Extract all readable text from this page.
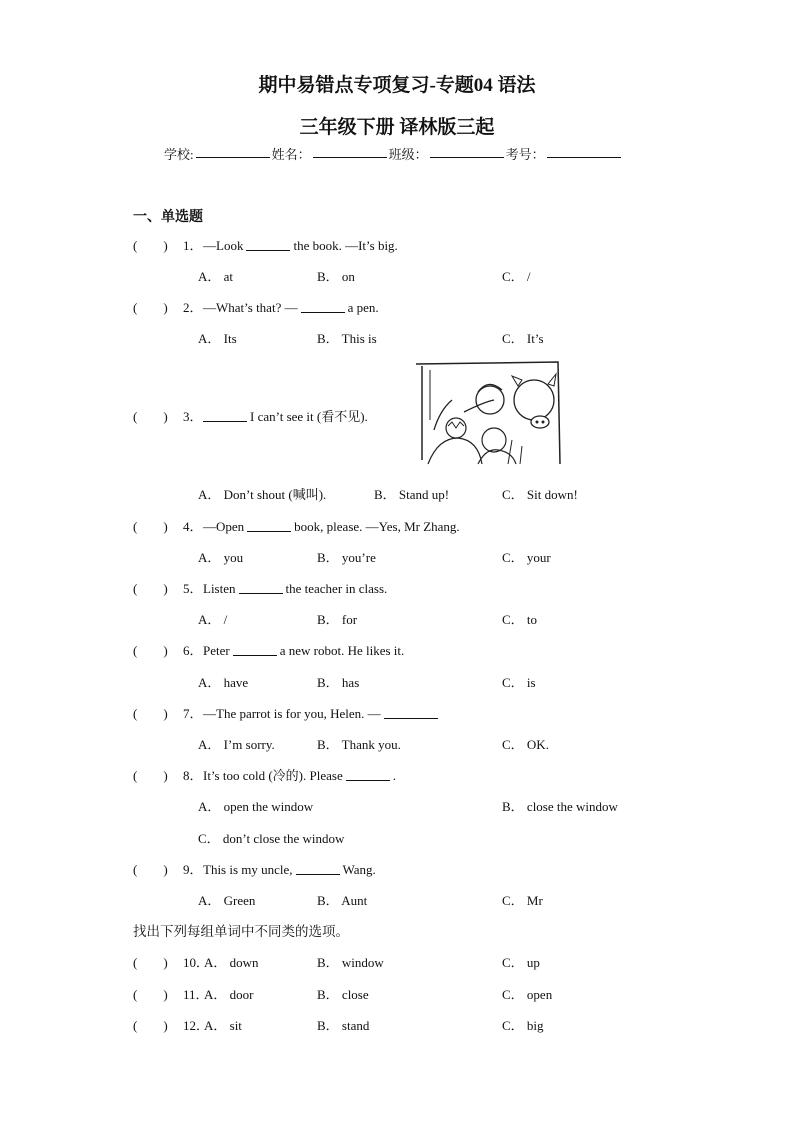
期中易错点专项复习-专题04 语法
三年级下册 译林版三起
学校:	姓名：	班级：	考号：
一、单选题
(　　) 1．—Look	the book. —It’s big.
A． at	B． on	C． /
(　　) 2．—What’s that? —	a pen.
A． Its	B． This is	C． It’s
(　　) 3．	I can’t see it (看不见).
A． Don’t shout (喊叫).	B． Stand up!	C． Sit down!
(　　) 4．—Open	book, please. —Yes, Mr Zhang.
A． you	B． you’re	C． your
(　　) 5．Listen	the teacher in class.
A． /	B． for	C． to
(　　) 6．Peter	a new robot. He likes it.
A． have	B． has	C． is
(　　) 7．—The parrot is for you, Helen. —
A． I’m sorry.	B． Thank you.	C． OK.
(　　) 8．It’s too cold (冷的). Please	.
A． open the window	B． close the window
C． don’t close the window
(　　) 9．This is my uncle,	Wang.
A． Green	B． Aunt	C． Mr
找出下列每组单词中不同类的选项。
(　　) 10．
A． down	B． window	C． up
(　　) 11．
A． door	B． close	C． open
(　　) 12．
A． sit	B． stand	C． big
